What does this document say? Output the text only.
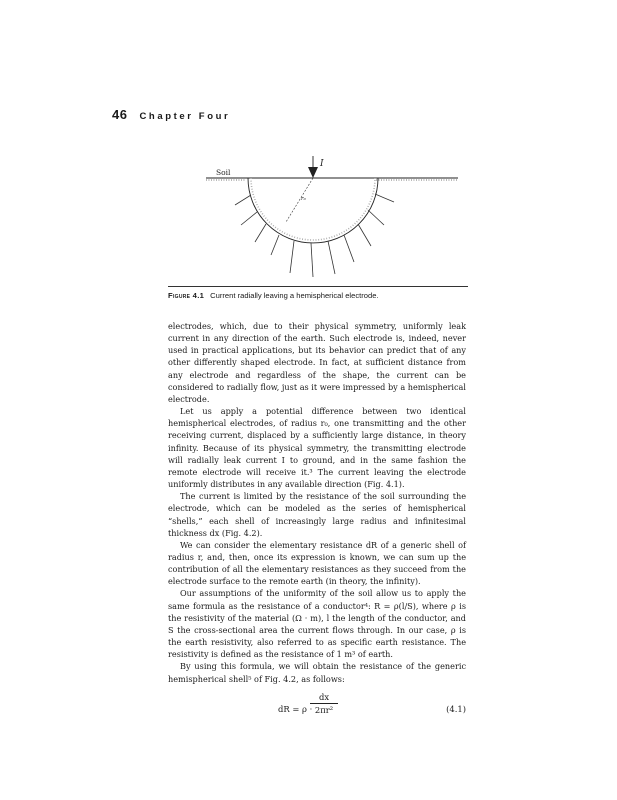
46 Chapter Four
Soil
I
r₀
Figure 4.1 Current radially leaving a hemispherical electrode.

electrodes, which, due to their physical symmetry, uniformly leak current in any direction of the earth. Such electrode is, indeed, never used in practical applications, but its behavior can predict that of any other differently shaped electrode. In fact, at sufficient distance from any electrode and regardless of the shape, the current can be considered to radially flow, just as it were impressed by a hemispherical electrode.

Let us apply a potential difference between two identical hemispherical electrodes, of radius r₀, one transmitting and the other receiving current, displaced by a sufficiently large distance, in theory infinity. Because of its physical symmetry, the transmitting electrode will radially leak current I to ground, and in the same fashion the remote electrode will receive it.³ The current leaving the electrode uniformly distributes in any available direction (Fig. 4.1).

The current is limited by the resistance of the soil surrounding the electrode, which can be modeled as the series of hemispherical “shells,” each shell of increasingly large radius and infinitesimal thickness dx (Fig. 4.2).

We can consider the elementary resistance dR of a generic shell of radius r, and, then, once its expression is known, we can sum up the contribution of all the elementary resistances as they succeed from the electrode surface to the remote earth (in theory, the infinity).

Our assumptions of the uniformity of the soil allow us to apply the same formula as the resistance of a conductor⁴: R = ρ(l/S), where ρ is the resistivity of the material (Ω · m), l the length of the conductor, and S the cross-sectional area the current flows through. In our case, ρ is the earth resistivity, also referred to as specific earth resistance. The resistivity is defined as the resistance of 1 m³ of earth.

By using this formula, we will obtain the resistance of the generic hemispherical shell⁵ of Fig. 4.2, as follows:

dR = ρ ·
$\frac{dx}{\text{2πr²}}$	(4.1)
